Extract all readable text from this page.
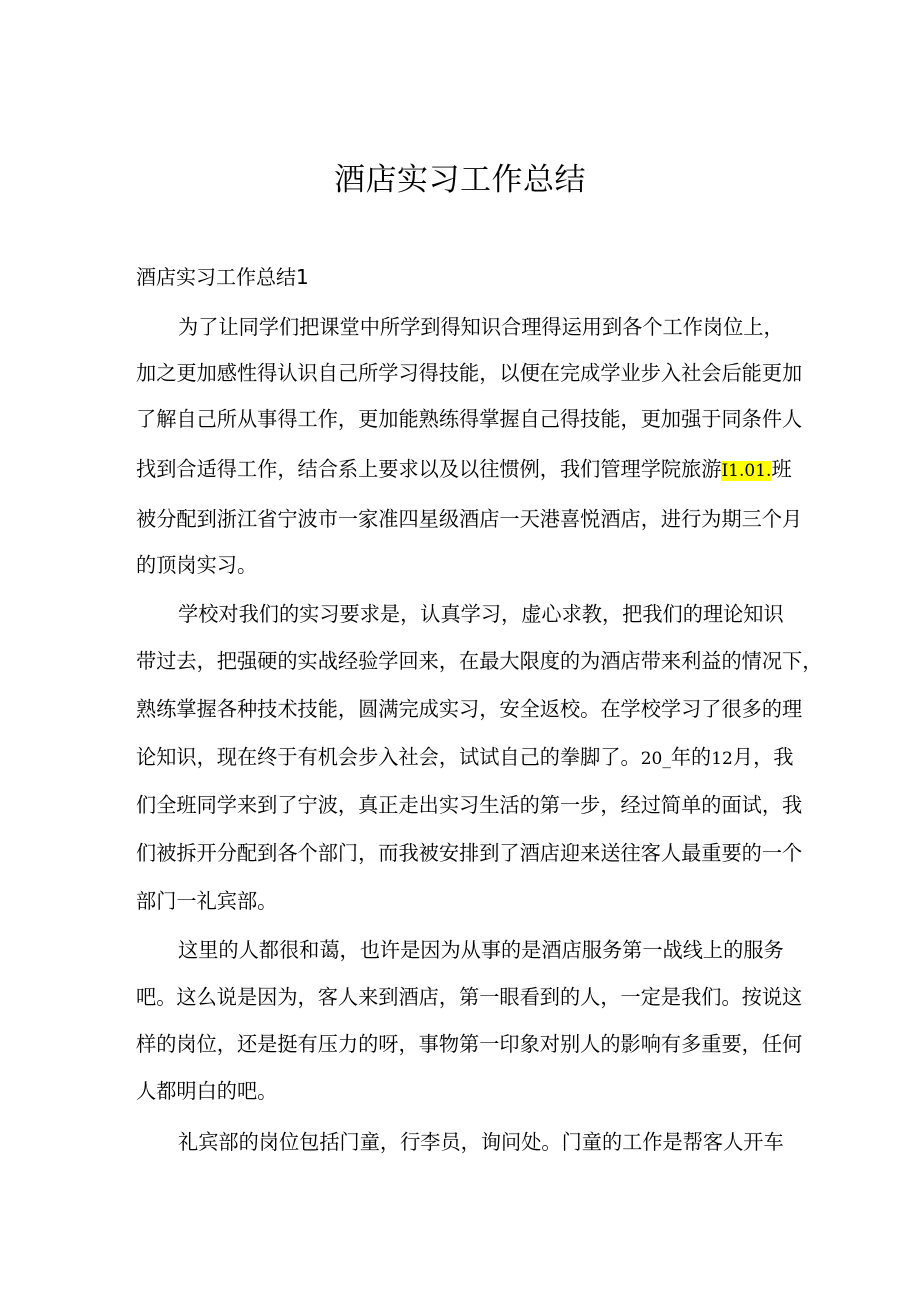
酒店实习工作总结
酒店实习工作总结1
为了让同学们把课堂中所学到得知识合理得运用到各个工作岗位上，
加之更加感性得认识自己所学习得技能，以便在完成学业步入社会后能更加
了解自己所从事得工作，更加能熟练得掌握自己得技能，更加强于同条件人
找到合适得工作，结合系上要求以及以往惯例，我们管理学院旅游I1.01.班
被分配到浙江省宁波市一家准四星级酒店一天港喜悦酒店，进行为期三个月
的顶岗实习。
学校对我们的实习要求是，认真学习，虚心求教，把我们的理论知识
带过去，把强硬的实战经验学回来，在最大限度的为酒店带来利益的情况下，
熟练掌握各种技术技能，圆满完成实习，安全返校。在学校学习了很多的理
论知识，现在终于有机会步入社会，试试自己的拳脚了。20_年的12月，我
们全班同学来到了宁波，真正走出实习生活的第一步，经过简单的面试，我
们被拆开分配到各个部门，而我被安排到了酒店迎来送往客人最重要的一个
部门一礼宾部。
这里的人都很和蔼，也许是因为从事的是酒店服务第一战线上的服务
吧。这么说是因为，客人来到酒店，第一眼看到的人，一定是我们。按说这
样的岗位，还是挺有压力的呀，事物第一印象对别人的影响有多重要，任何
人都明白的吧。
礼宾部的岗位包括门童，行李员，询问处。门童的工作是帮客人开车
